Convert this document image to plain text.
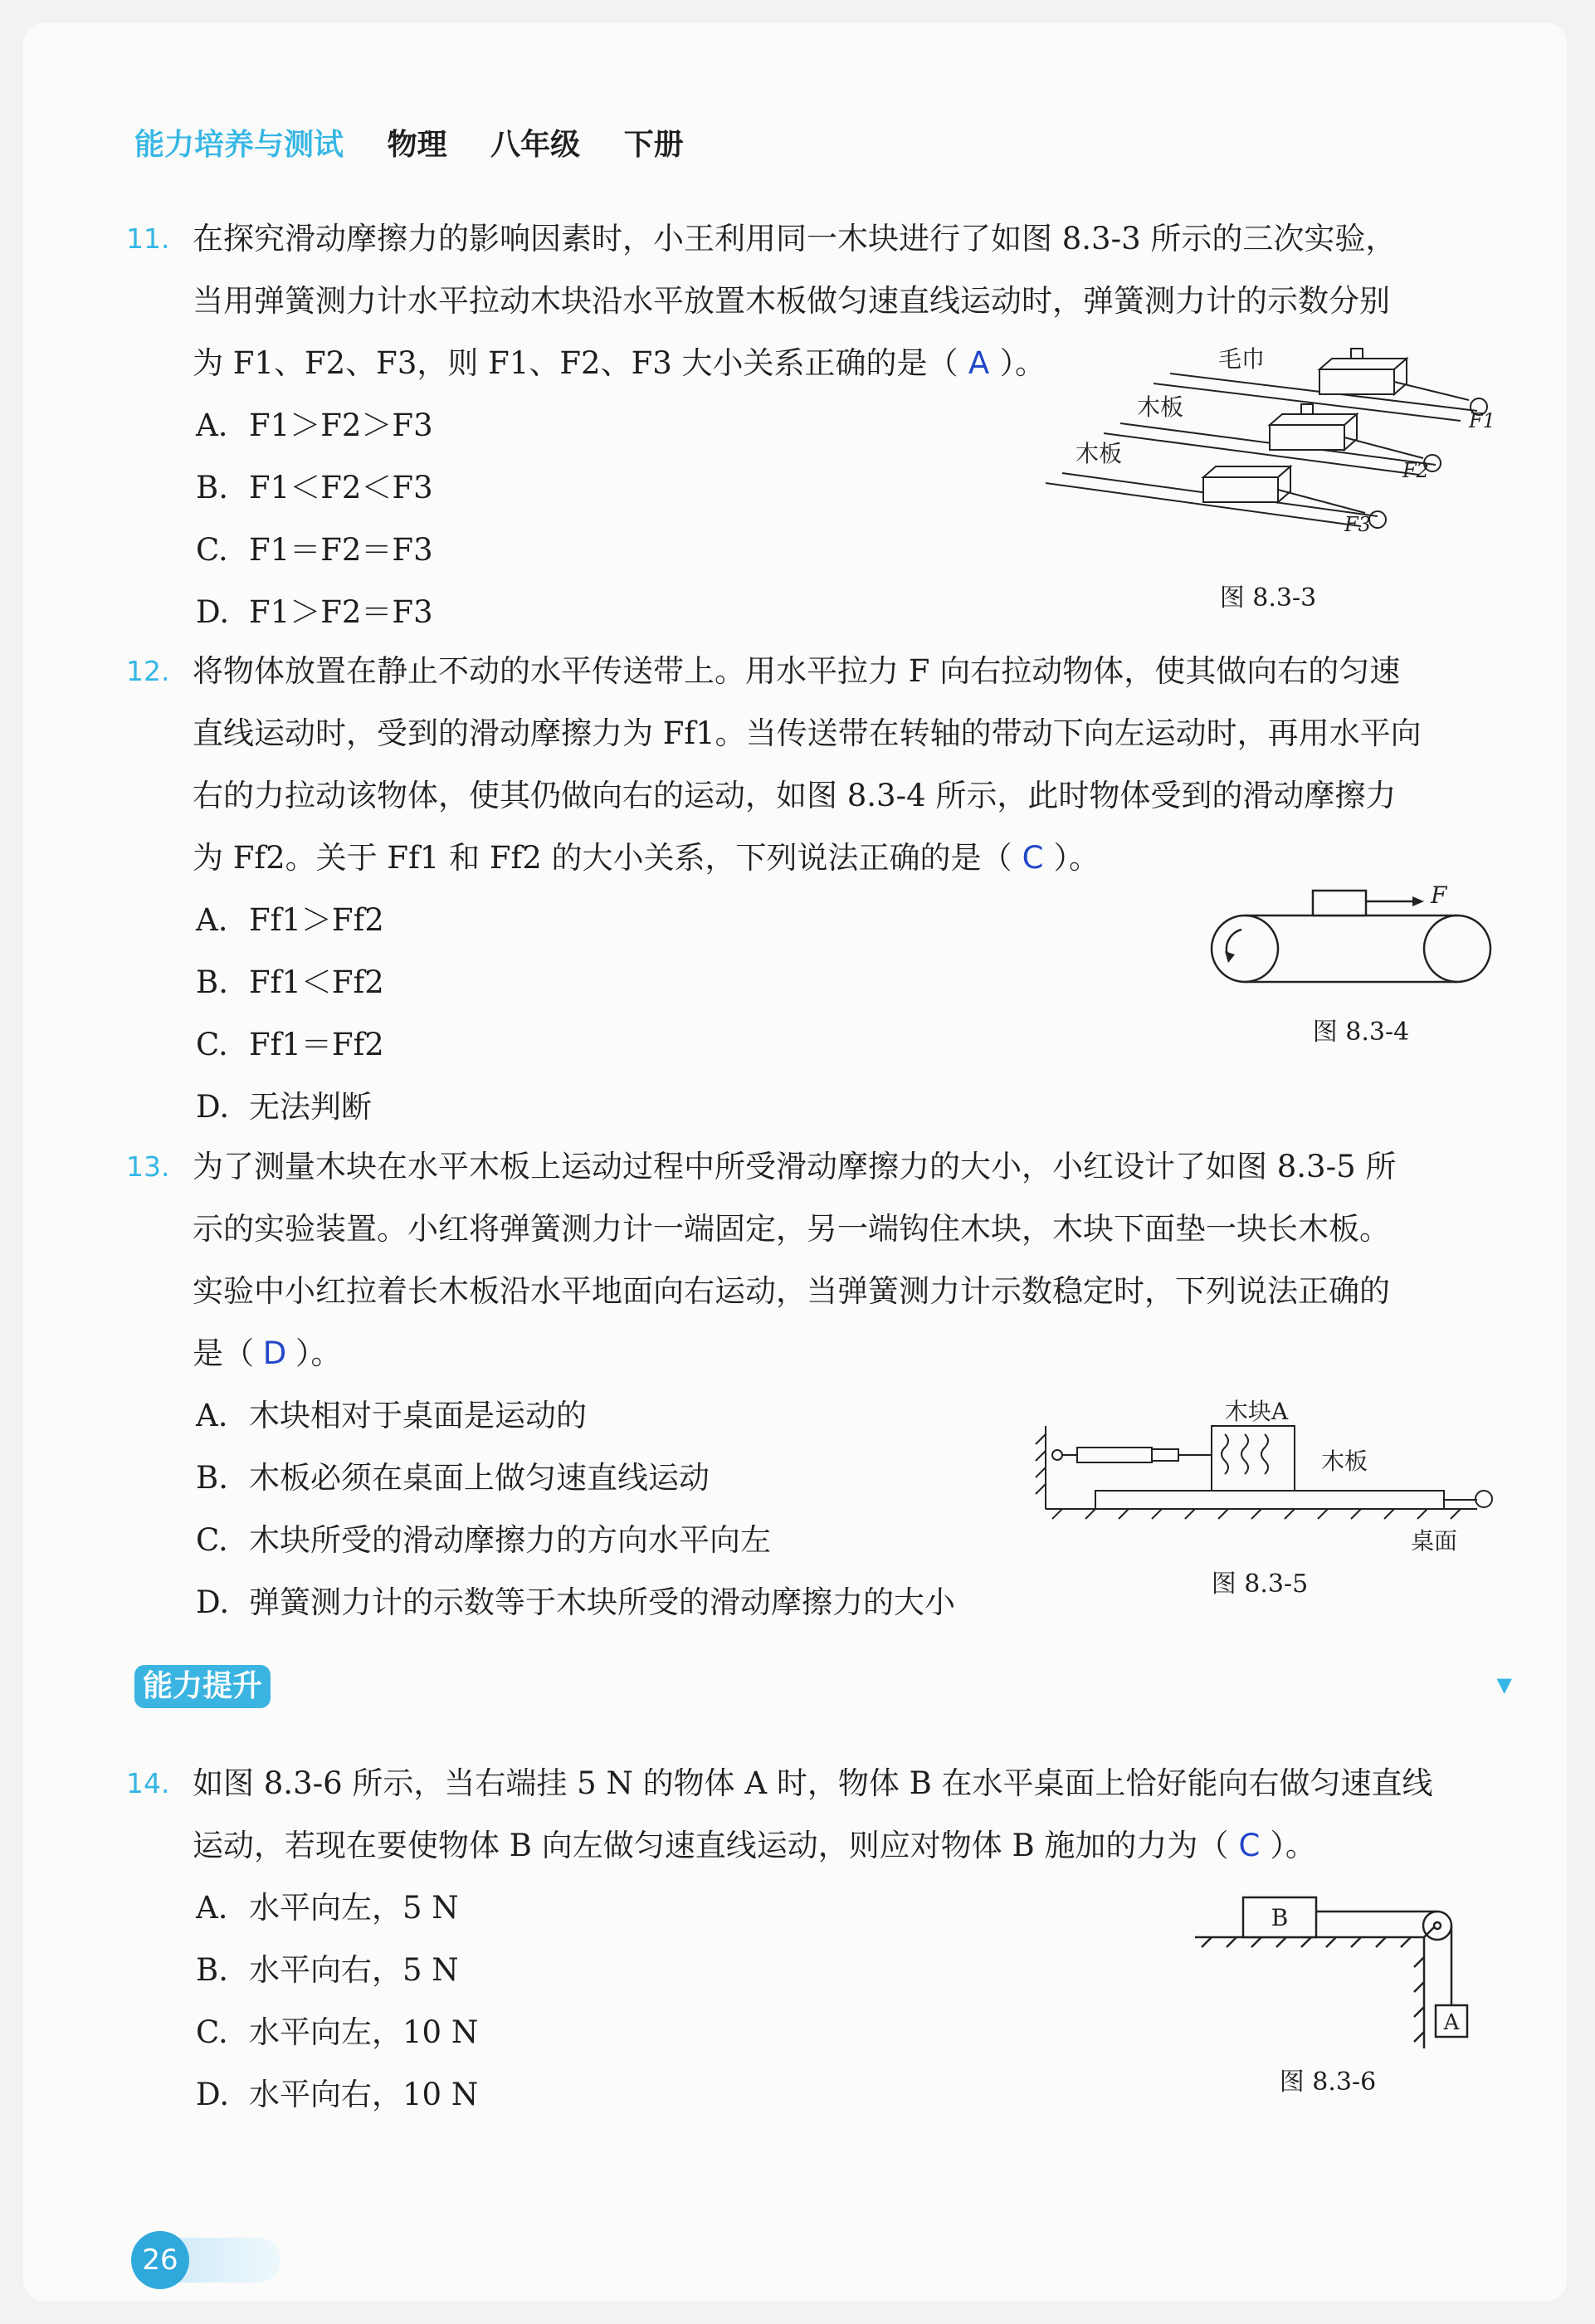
能力培养与测试 物理 八年级 下册
11. 在探究滑动摩擦力的影响因素时，小王利用同一木块进行了如图 8.3-3 所示的三次实验，
当用弹簧测力计水平拉动木块沿水平放置木板做匀速直线运动时，弹簧测力计的示数分别
为 F1、F2、F3，则 F1、F2、F3 大小关系正确的是（ A ）。
A. F1＞F2＞F3
B. F1＜F2＜F3
C. F1＝F2＝F3
D. F1＞F2＝F3
毛巾
木板
木板
F1
F2
F3
图 8.3-3
12. 将物体放置在静止不动的水平传送带上。用水平拉力 F 向右拉动物体，使其做向右的匀速
直线运动时，受到的滑动摩擦力为 Ff1。当传送带在转轴的带动下向左运动时，再用水平向
右的力拉动该物体，使其仍做向右的运动，如图 8.3-4 所示，此时物体受到的滑动摩擦力
为 Ff2。关于 Ff1 和 Ff2 的大小关系，下列说法正确的是（ C ）。
A. Ff1＞Ff2
B. Ff1＜Ff2
C. Ff1＝Ff2
D. 无法判断
F
图 8.3-4
13. 为了测量木块在水平木板上运动过程中所受滑动摩擦力的大小，小红设计了如图 8.3-5 所
示的实验装置。小红将弹簧测力计一端固定，另一端钩住木块，木块下面垫一块长木板。
实验中小红拉着长木板沿水平地面向右运动，当弹簧测力计示数稳定时，下列说法正确的
是（ D ）。
A. 木块相对于桌面是运动的
B. 木板必须在桌面上做匀速直线运动
C. 木块所受的滑动摩擦力的方向水平向左
D. 弹簧测力计的示数等于木块所受的滑动摩擦力的大小
木块A
木板
桌面
图 8.3-5
能力提升	▼
14. 如图 8.3-6 所示，当右端挂 5 N 的物体 A 时，物体 B 在水平桌面上恰好能向右做匀速直线
运动，若现在要使物体 B 向左做匀速直线运动，则应对物体 B 施加的力为（ C ）。
A. 水平向左，5 N
B. 水平向右，5 N
C. 水平向左，10 N
D. 水平向右，10 N
B
A
图 8.3-6
26
